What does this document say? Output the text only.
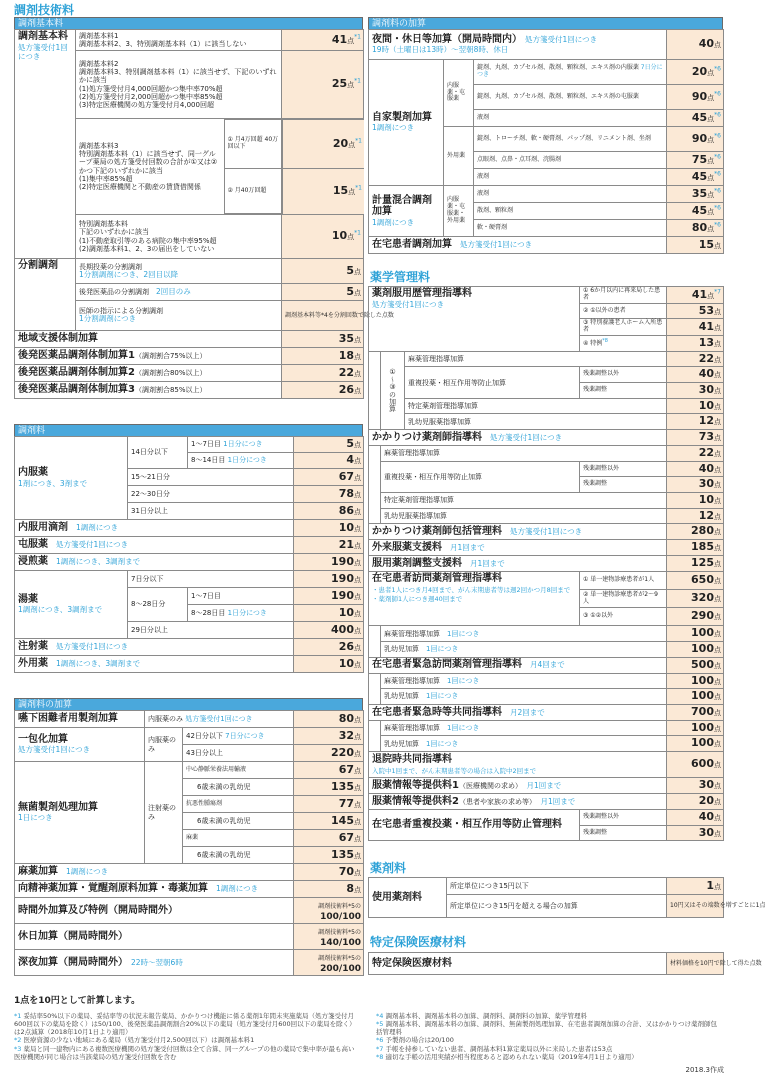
調剤技術料
調剤基本料
調剤基本料
処方箋受付1回につき	調剤基本料1
調剤基本料2、3、特別調剤基本料（1）に該当しない	41点$^{*1}$
調剤基本料2
調剤基本料3、特別調剤基本料（1）に該当せず、下記のいずれかに該当
(1)処方箋受付月4,000回超かつ集中率70%超
(2)処方箋受付月2,000回超かつ集中率85%超
(3)特定医療機関の処方箋受付月4,000回超	25点$^{*1}$

調剤基本料3
特別調剤基本料（1）に該当せず、同一グループ薬局の処方箋受付回数の合計が①又は②かつ下記のいずれかに該当
(1)集中率85%超
(2)特定医療機関と不動産の賃貸借関係	① 月4万回超 40万回以下	20点$^{*1}$
② 月40万回超	15点$^{*1}$

特別調剤基本料
下記のいずれかに該当
(1)不動産取引等のある病院の集中率95%超
(2)調剤基本料1、2、3の届出をしていない	10点$^{*1}$
分割調剤	長期投薬の分割調剤
1分割調剤につき、2回目以降	5点
後発医薬品の分割調剤　 2回目のみ	5点
医師の指示による分割調剤
1分割調剤につき	調剤基本料等*4を分割回数で除した点数
地域支援体制加算	35点
後発医薬品調剤体制加算1（調剤割合75%以上）	18点
後発医薬品調剤体制加算2（調剤割合80%以上）	22点
後発医薬品調剤体制加算3（調剤割合85%以上）	26点
調剤料
内服薬
1剤につき、3剤まで	14日分以下	1〜7日目 1日分につき	5点
		8〜14日目 1日分につき	4点
	15〜21日分		67点
	22〜30日分		78点
	31日分以上		86点
内服用滴剤　 1調剤につき			10点
屯服薬　 処方箋受付1回につき			21点
浸煎薬　 1調剤につき、3調剤まで			190点
湯薬
1調剤につき、3調剤まで	7日分以下		190点
	8〜28日分	1〜7日目	190点
		8〜28日目 1日分につき	10点
	29日分以上		400点
注射薬　 処方箋受付1回につき			26点
外用薬　 1調剤につき、3調剤まで			10点
調剤料の加算
嚥下困難者用製剤加算	内服薬のみ 処方箋受付1回につき		80点
一包化加算
処方箋受付1回につき	内服薬のみ	42日分以下 7日分につき	32点
		43日分以上	220点
無菌製剤処理加算
1日につき	注射薬のみ	中心静脈栄養法用輸液	67点
		6歳未満の乳幼児	135点
		抗悪性腫瘍剤	77点
		6歳未満の乳幼児	145点
		麻薬	67点
		6歳未満の乳幼児	135点
麻薬加算　 1調剤につき			70点
向精神薬加算・覚醒剤原料加算・毒薬加算　 1調剤につき			8点
時間外加算及び特例（開局時間外）			調剤技術料*5の
100/100
休日加算（開局時間外）			調剤技術料*5の
140/100
深夜加算（開局時間外）　 22時〜翌朝6時			調剤技術料*5の
200/100
調剤料の加算
夜間・休日等加算（開局時間内）　 処方箋受付1回につき
19時（土曜日は13時）〜翌朝8時、休日			40点
自家製剤加算
1調剤につき	内服薬・屯服薬	錠剤、丸剤、カプセル剤、散剤、顆粒剤、エキス剤の内服薬 7日分につき	20点$^{*6}$
		錠剤、丸剤、カプセル剤、散剤、顆粒剤、エキス剤の屯服薬	90点$^{*6}$
		液剤	45点$^{*6}$
	外用薬	錠剤、トローチ剤、軟・硬膏剤、パップ剤、リニメント剤、坐剤	90点$^{*6}$
		点眼剤、点鼻・点耳剤、浣腸剤	75点$^{*6}$
		液剤	45点$^{*6}$
計量混合調剤加算
1調剤につき	内服薬・屯服薬・外用薬	液剤	35点$^{*6}$
		散剤、顆粒剤	45点$^{*6}$
		軟・硬膏剤	80点$^{*6}$
在宅患者調剤加算　 処方箋受付1回につき			15点
薬学管理料
薬剤服用歴管理指導料
処方箋受付1回につき			① 6か月以内に再来局した患者	41点$^{*7}$
			② ①以外の患者	53点
			③ 特別養護老人ホーム入所患者	41点
			④ 特例$^{*8}$	13点
	①〜③の加算	麻薬管理指導加算		22点
		重複投薬・相互作用等防止加算	残薬調整以外	40点
			残薬調整	30点
		特定薬剤管理指導加算		10点
		乳幼児服薬指導加算		12点

かかりつけ薬剤師指導料　 処方箋受付1回につき				73点
	麻薬管理指導加算			22点
	重複投薬・相互作用等防止加算		残薬調整以外	40点
			残薬調整	30点
	特定薬剤管理指導加算			10点
	乳幼児服薬指導加算			12点
かかりつけ薬剤師包括管理料　 処方箋受付1回につき				280点
外来服薬支援料　 月1回まで				185点
服用薬剤調整支援料　 月1回まで				125点
在宅患者訪問薬剤管理指導料
・患者1人につき月4回まで、がん末期患者等は週2回かつ月8回まで
・薬剤師1人につき週40回まで			① 単一建物診療患者が1人	650点
			② 単一建物診療患者が2〜9人	320点
			③ ①②以外	290点
	麻薬管理指導加算　 1回につき			100点
	乳幼児加算　 1回につき			100点
在宅患者緊急訪問薬剤管理指導料　 月4回まで				500点
	麻薬管理指導加算　 1回につき			100点
	乳幼児加算　 1回につき			100点
在宅患者緊急時等共同指導料　 月2回まで				700点
	麻薬管理指導加算　 1回につき			100点
	乳幼児加算　 1回につき			100点
退院時共同指導料
入院中1回まで、がん末期患者等の場合は入院中2回まで				600点
服薬情報等提供料1（医療機関の求め）　 月1回まで				30点
服薬情報等提供料2（患者や家族の求め等）　 月1回まで				20点
在宅患者重複投薬・相互作用等防止管理料			残薬調整以外	40点
			残薬調整	30点
薬剤料
使用薬剤料	所定単位につき15円以下	1点
	所定単位につき15円を超える場合の加算	10円又はその端数を増すごとに1点
特定保険医療材料
特定保険医療材料	材料価格を10円で除して得た点数
1点を10円として計算します。
*1 妥結率50%以下の薬局、妥結率等の状況未報告薬局、かかりつけ機能に係る薬剤1年間未実施薬局（処方箋受付月600回以下の薬局を除く）は50/100、後発医薬品調剤割合20%以下の薬局（処方箋受付月600回以下の薬局を除く）は2点減算（2018年10月1日より適用）
*2 医療資源の少ない地域にある薬局（処方箋受付月2,500回以下）は調剤基本料1
*3 薬局と同一建物内にある複数医療機関の処方箋受付回数は全て合算、同一グループの他の薬局で集中率が最も高い医療機関が同じ場合は当該薬局の処方箋受付回数を含む
*4 調剤基本料、調剤基本料の加算、調剤料、調剤料の加算、薬学管理料
*5 調剤基本料、調剤基本料の加算、調剤料、無菌製剤処理加算、在宅患者調剤加算の合計、又はかかりつけ薬剤師包括管理料
*6 予製剤の場合は20/100
*7 手帳を持参していない患者、調剤基本料1算定薬局以外に来局した患者は53点
*8 適切な手帳の活用実績が相当程度あると認められない薬局（2019年4月1日より適用）
2018.3作成
